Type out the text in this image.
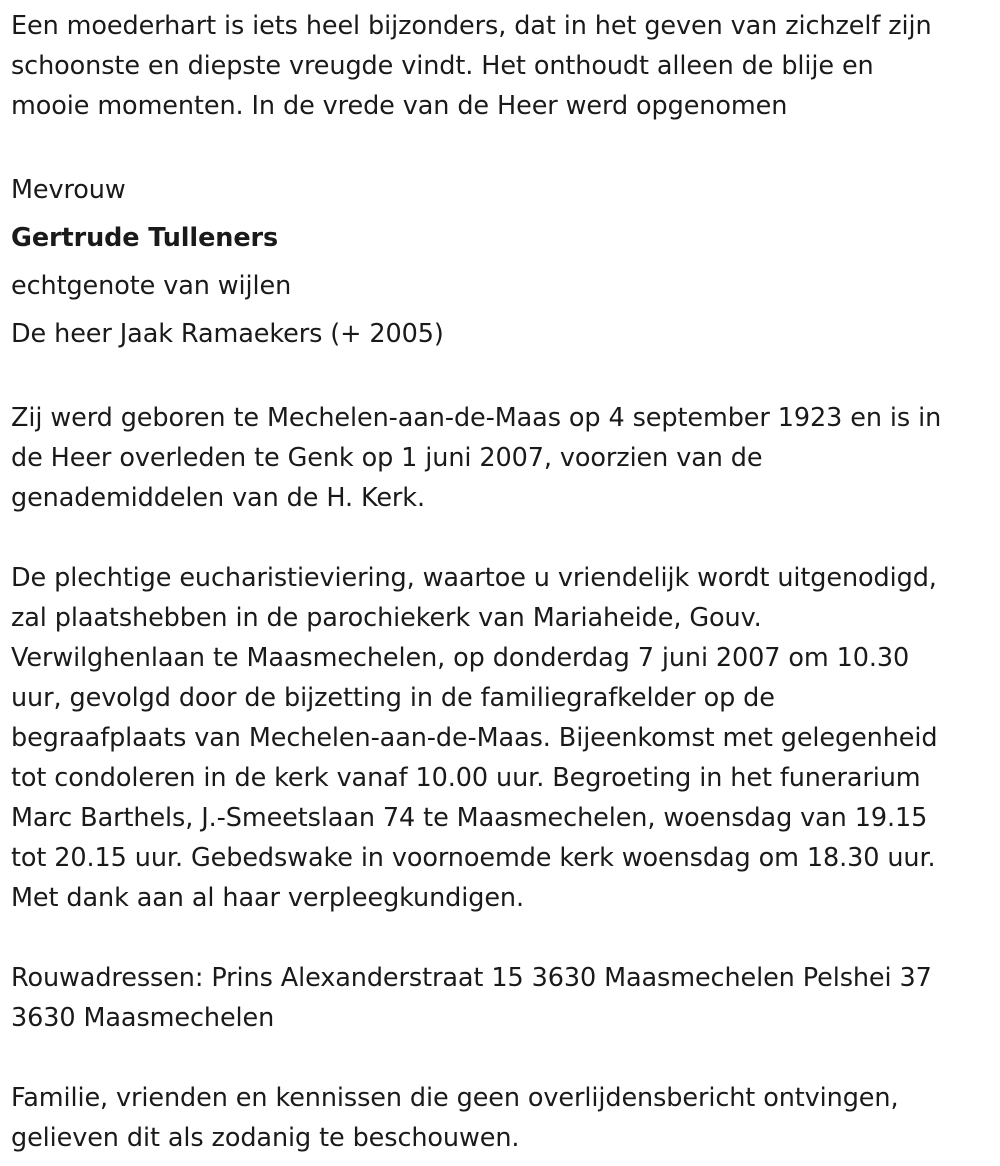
Een moederhart is iets heel bijzonders, dat in het geven van zichzelf zijn
schoonste en diepste vreugde vindt. Het onthoudt alleen de blije en
mooie momenten. In de vrede van de Heer werd opgenomen
Mevrouw
Gertrude Tulleners
echtgenote van wijlen
De heer Jaak Ramaekers (+ 2005)
Zij werd geboren te Mechelen-aan-de-Maas op 4 september 1923 en is in
de Heer overleden te Genk op 1 juni 2007, voorzien van de
genademiddelen van de H. Kerk.
De plechtige eucharistieviering, waartoe u vriendelijk wordt uitgenodigd,
zal plaatshebben in de parochiekerk van Mariaheide, Gouv.
Verwilghenlaan te Maasmechelen, op donderdag 7 juni 2007 om 10.30
uur, gevolgd door de bijzetting in de familiegrafkelder op de
begraafplaats van Mechelen-aan-de-Maas. Bijeenkomst met gelegenheid
tot condoleren in de kerk vanaf 10.00 uur. Begroeting in het funerarium
Marc Barthels, J.-Smeetslaan 74 te Maasmechelen, woensdag van 19.15
tot 20.15 uur. Gebedswake in voornoemde kerk woensdag om 18.30 uur.
Met dank aan al haar verpleegkundigen.
Rouwadressen: Prins Alexanderstraat 15 3630 Maasmechelen Pelshei 37
3630 Maasmechelen
Familie, vrienden en kennissen die geen overlijdensbericht ontvingen,
gelieven dit als zodanig te beschouwen.
